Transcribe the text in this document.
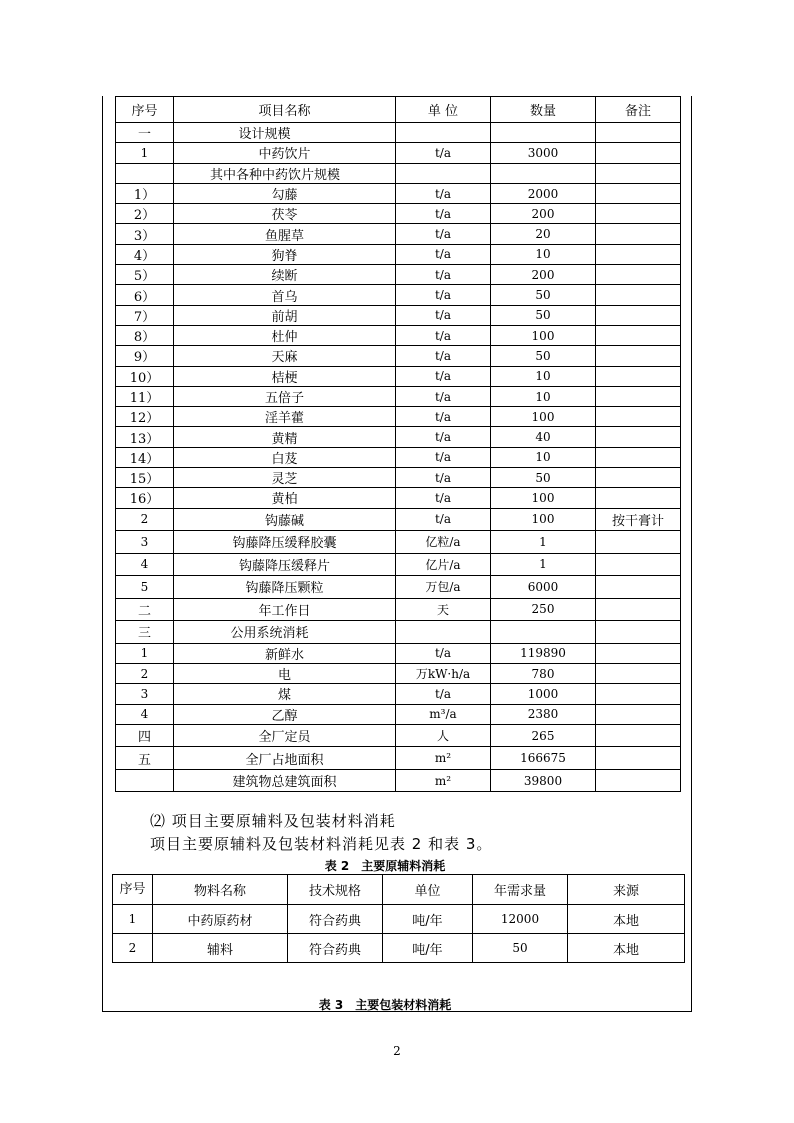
序号	项目名称	单 位	数量	备注
一	设计规模			
1	中药饮片	t/a	3000	
	其中各种中药饮片规模			
1）	勾藤	t/a	2000	
2）	茯苓	t/a	200	
3）	鱼腥草	t/a	20	
4）	狗脊	t/a	10	
5）	续断	t/a	200	
6）	首乌	t/a	50	
7）	前胡	t/a	50	
8）	杜仲	t/a	100	
9）	天麻	t/a	50	
10）	桔梗	t/a	10	
11）	五倍子	t/a	10	
12）	淫羊藿	t/a	100	
13）	黄精	t/a	40	
14）	白芨	t/a	10	
15）	灵芝	t/a	50	
16）	黄柏	t/a	100	
2	钩藤碱	t/a	100	按干膏计
3	钩藤降压缓释胶囊	亿粒/a	1	
4	钩藤降压缓释片	亿片/a	1	
5	钩藤降压颗粒	万包/a	6000	
二	年工作日	天	250	
三	公用系统消耗			
1	新鲜水	t/a	119890	
2	电	万kW·h/a	780	
3	煤	t/a	1000	
4	乙醇	m³/a	2380	
四	全厂定员	人	265	
五	全厂占地面积	m²	166675	
	建筑物总建筑面积	m²	39800	
⑵ 项目主要原辅料及包装材料消耗
项目主要原辅料及包装材料消耗见表 2 和表 3。
表 2　主要原辅料消耗
序号	物料名称	技术规格	单位	年需求量	来源
1	中药原药材	符合药典	吨/年	12000	本地
2	辅料	符合药典	吨/年	50	本地
表 3　主要包装材料消耗
2
